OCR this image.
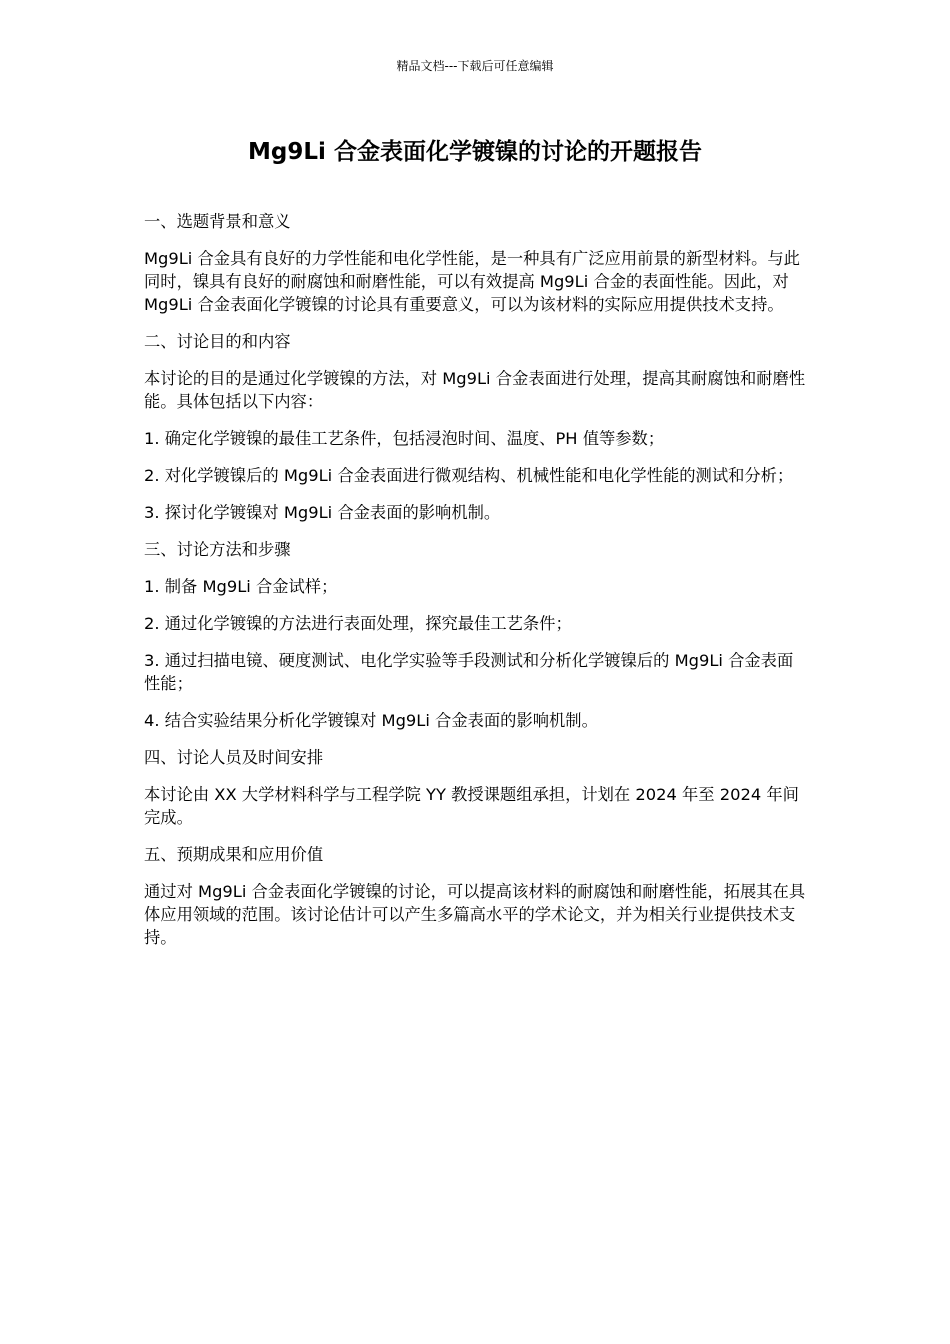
精品文档---下载后可任意编辑
Mg9Li 合金表面化学镀镍的讨论的开题报告

一、选题背景和意义

Mg9Li 合金具有良好的力学性能和电化学性能，是一种具有广泛应用前景的新型材料。与此同时，镍具有良好的耐腐蚀和耐磨性能，可以有效提高 Mg9Li 合金的表面性能。因此，对 Mg9Li 合金表面化学镀镍的讨论具有重要意义，可以为该材料的实际应用提供技术支持。

二、讨论目的和内容

本讨论的目的是通过化学镀镍的方法，对 Mg9Li 合金表面进行处理，提高其耐腐蚀和耐磨性能。具体包括以下内容：

1. 确定化学镀镍的最佳工艺条件，包括浸泡时间、温度、PH 值等参数；

2. 对化学镀镍后的 Mg9Li 合金表面进行微观结构、机械性能和电化学性能的测试和分析；

3. 探讨化学镀镍对 Mg9Li 合金表面的影响机制。

三、讨论方法和步骤

1. 制备 Mg9Li 合金试样；

2. 通过化学镀镍的方法进行表面处理，探究最佳工艺条件；

3. 通过扫描电镜、硬度测试、电化学实验等手段测试和分析化学镀镍后的 Mg9Li 合金表面性能；

4. 结合实验结果分析化学镀镍对 Mg9Li 合金表面的影响机制。

四、讨论人员及时间安排

本讨论由 XX 大学材料科学与工程学院 YY 教授课题组承担，计划在 2024 年至 2024 年间完成。

五、预期成果和应用价值

通过对 Mg9Li 合金表面化学镀镍的讨论，可以提高该材料的耐腐蚀和耐磨性能，拓展其在具体应用领域的范围。该讨论估计可以产生多篇高水平的学术论文，并为相关行业提供技术支持。
